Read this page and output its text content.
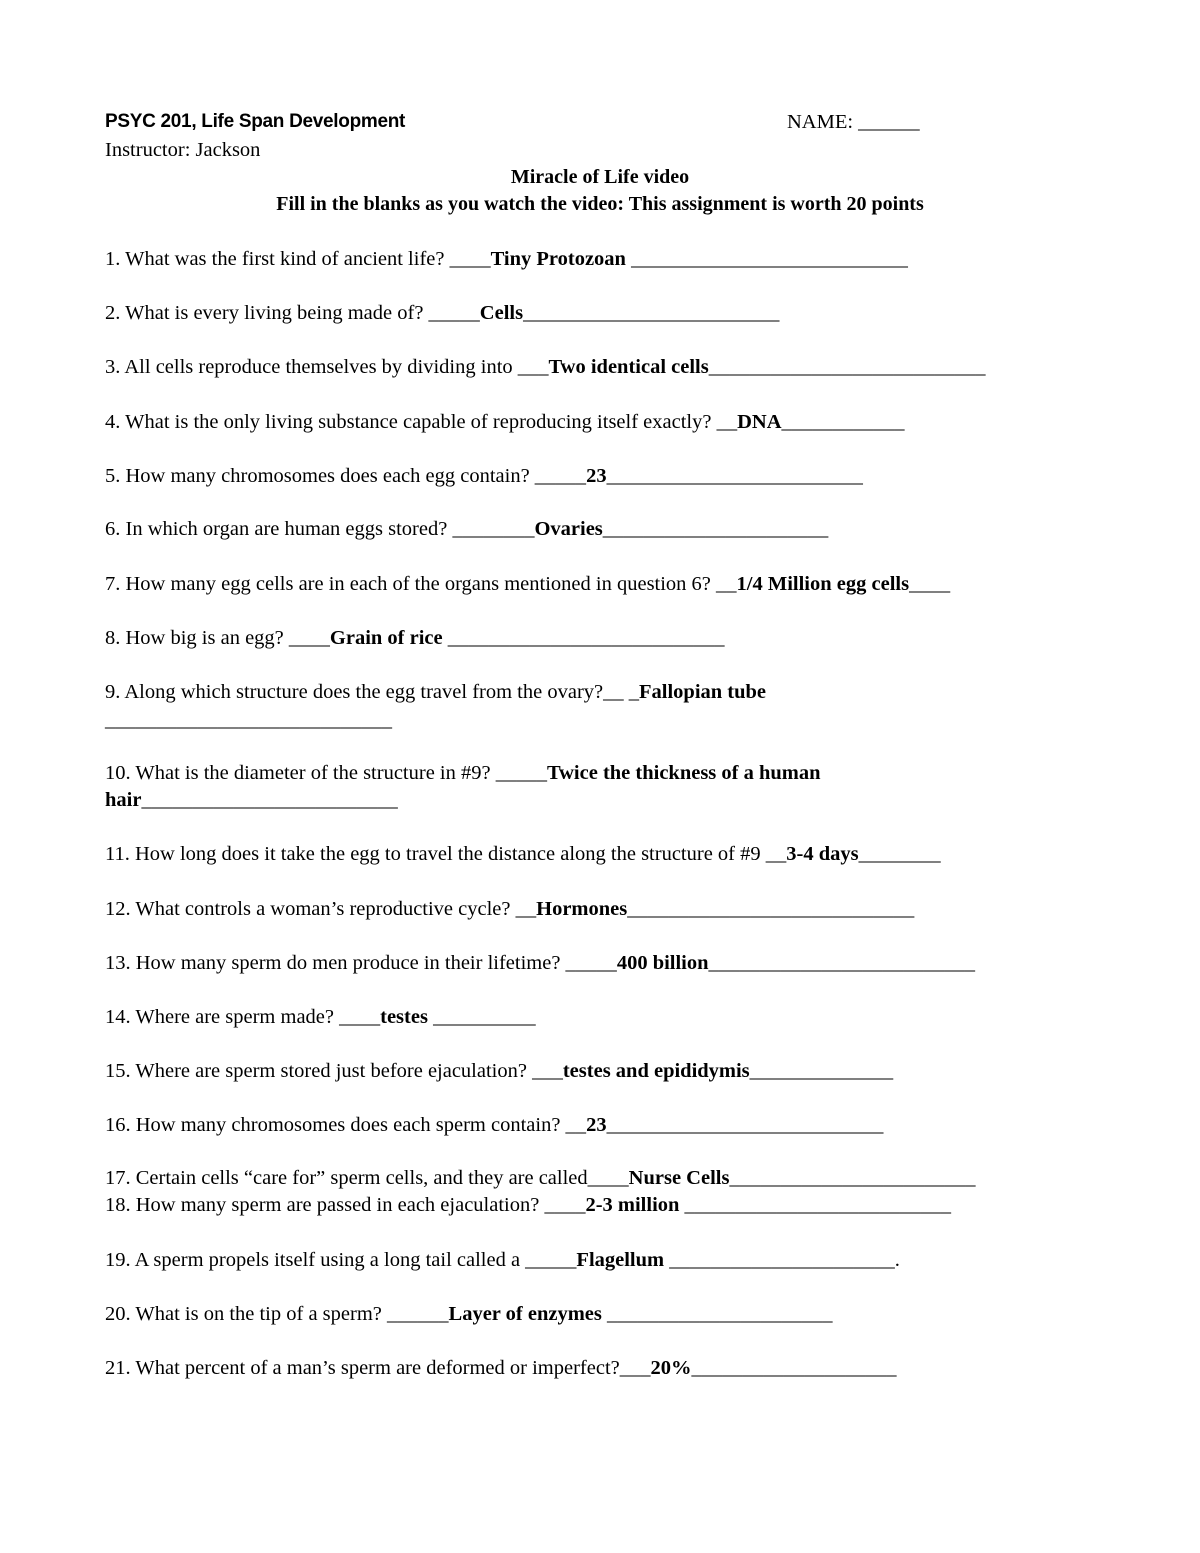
PSYC 201, Life Span Development	NAME: ______
Instructor: Jackson
Miracle of Life video
Fill in the blanks as you watch the video: This assignment is worth 20 points
1. What was the first kind of ancient life? ____Tiny Protozoan ___________________________
2. What is every living being made of? _____Cells_________________________
3. All cells reproduce themselves by dividing into ___Two identical cells___________________________
4. What is the only living substance capable of reproducing itself exactly? __DNA____________
5. How many chromosomes does each egg contain? _____23_________________________
6. In which organ are human eggs stored? ________Ovaries______________________
7. How many egg cells are in each of the organs mentioned in question 6? __1/4 Million egg cells____
8. How big is an egg? ____Grain of rice ___________________________
9. Along which structure does the egg travel from the ovary?__ _Fallopian tube
____________________________
10. What is the diameter of the structure in #9? _____Twice the thickness of a human
hair_________________________
11. How long does it take the egg to travel the distance along the structure of #9 __3-4 days________
12. What controls a woman’s reproductive cycle? __Hormones____________________________
13. How many sperm do men produce in their lifetime? _____400 billion__________________________
14. Where are sperm made? ____testes __________
15. Where are sperm stored just before ejaculation? ___testes and epididymis______________
16. How many chromosomes does each sperm contain? __23___________________________
17. Certain cells “care for” sperm cells, and they are called____Nurse Cells________________________
18. How many sperm are passed in each ejaculation? ____2-3 million __________________________
19. A sperm propels itself using a long tail called a _____Flagellum ______________________.
20. What is on the tip of a sperm? ______Layer of enzymes ______________________
21. What percent of a man’s sperm are deformed or imperfect?___20%____________________
